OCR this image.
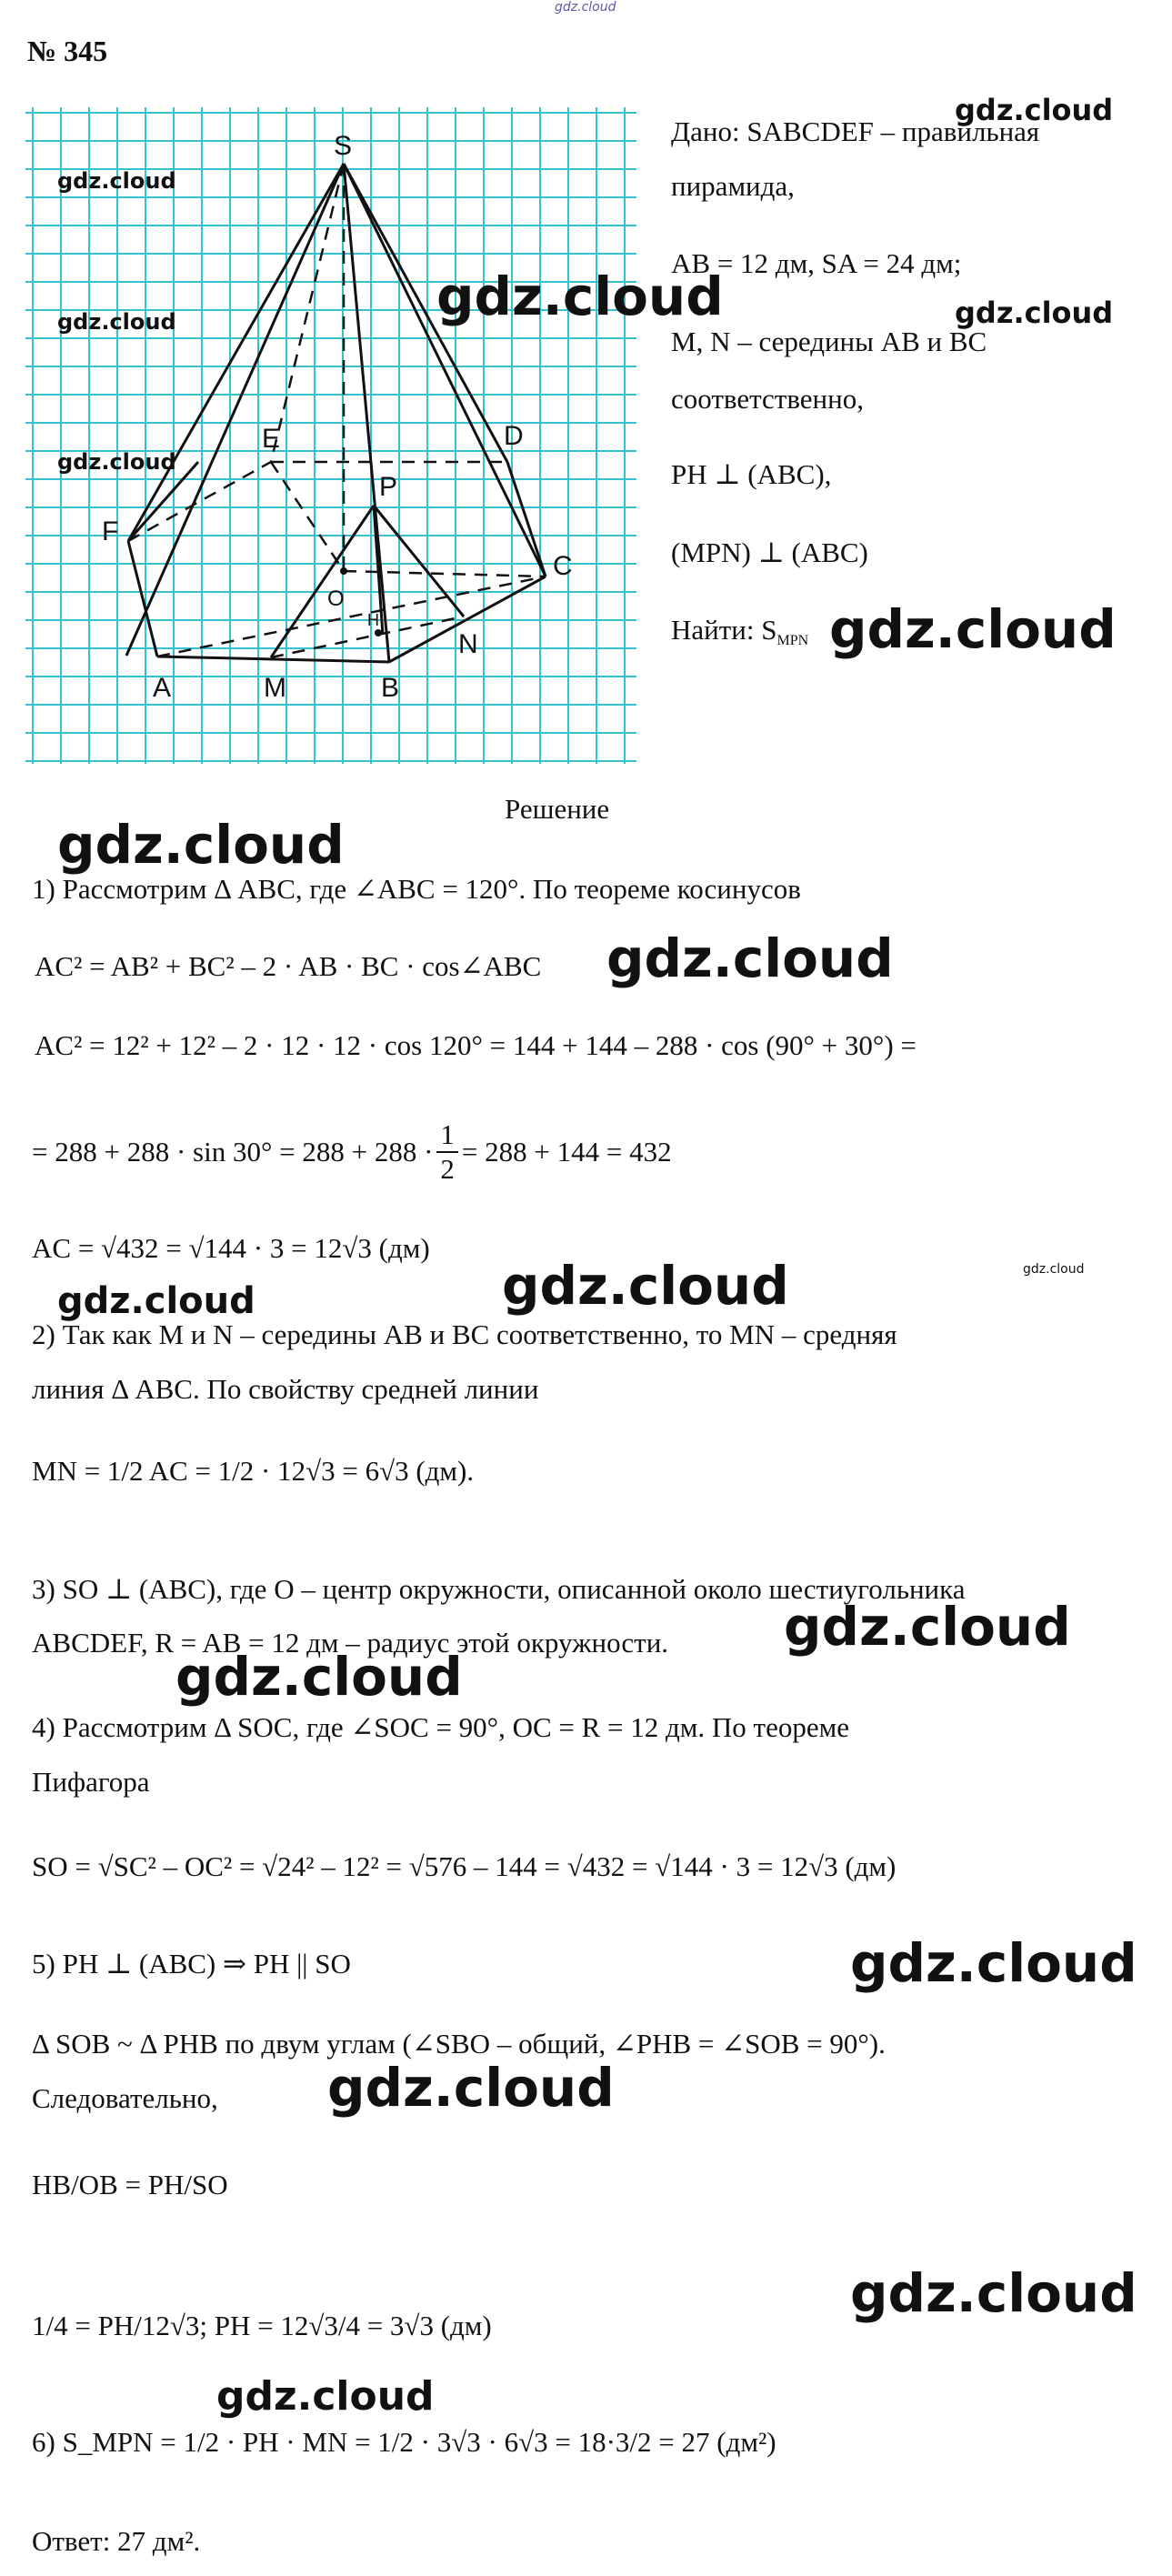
gdz.cloud
№ 345
S
E	D
F
P
C
O
H
A	M	B
N
gdz.cloud
gdz.cloud
gdz.cloud
gdz.cloud
Дано: SABCDEF – правильная
пирамида,
AB = 12 дм, SA = 24 дм;
M, N – середины AB и BC
соответственно,
PH ⊥ (ABC),
(MPN) ⊥ (ABC)
Найти: $S_{MPN}$
gdz.cloud
gdz.cloud
gdz.cloud
Решение
gdz.cloud
1) Рассмотрим Δ ABC, где ∠ABC = 120°. По теореме косинусов
AC² = AB² + BC² – 2 · AB · BC · cos∠ABC gdz.cloud
AC² = 12² + 12² – 2 · 12 · 12 · cos 120° = 144 + 144 – 288 · cos (90° + 30°) =
= $288 + 288 \cdot \sin 30^\circ = 288 + 288 \cdot \frac{1}{2} = 288 + 144 = 432$
AC = √432 = √144 · 3 = 12√3 (дм)
gdz.cloud	gdz.cloud
gdz.cloud
2) Так как M и N – середины AB и BC соответственно, то MN – средняя
линия Δ ABC. По свойству средней линии
MN = 1/2 AC = 1/2 · 12√3 = 6√3 (дм).
3) SO ⊥ (ABC), где O – центр окружности, описанной около шестиугольника
ABCDEF, R = AB = 12 дм – радиус этой окружности. gdz.cloud
gdz.cloud
4) Рассмотрим Δ SOC, где ∠SOC = 90°, OC = R = 12 дм. По теореме
Пифагора
SO = √SC² – OC² = √24² – 12² = √576 – 144 = √432 = √144 · 3 = 12√3 (дм)
5) PH ⊥ (ABC) ⇒ PH || SO	gdz.cloud
Δ SOB ~ Δ PHB по двум углам (∠SBO – общий, ∠PHB = ∠SOB = 90°).
Следовательно, gdz.cloud
HB/OB = PH/SO
1/4 = PH/12√3; PH = 12√3/4 = 3√3 (дм)
gdz.cloud
gdz.cloud
6) S_MPN = 1/2 · PH · MN = 1/2 · 3√3 · 6√3 = 18·3/2 = 27 (дм²)
Ответ: 27 дм².
